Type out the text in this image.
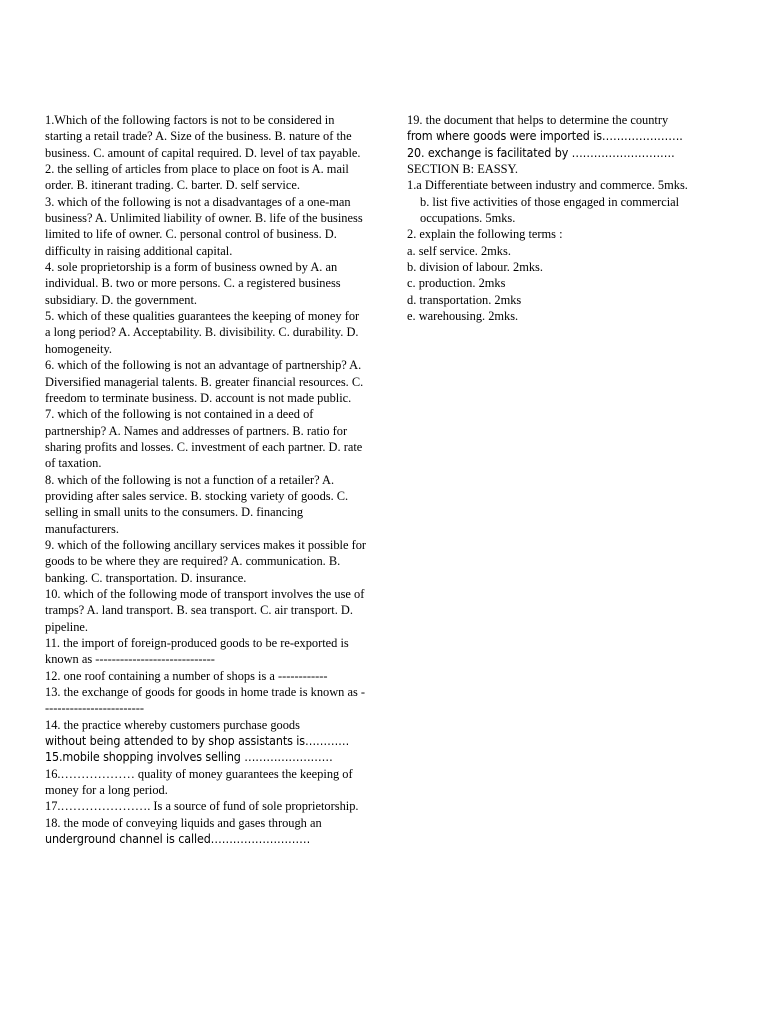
1.Which of the following factors is not to be considered in starting a retail trade? A. Size of the business. B. nature of the business. C. amount of capital required. D. level of tax payable.

2. the selling of articles from place to place on foot is A. mail order. B. itinerant trading. C. barter. D. self service.

3. which of the following is not a disadvantages of a one-man business? A. Unlimited liability of owner. B. life of the business limited to life of owner. C. personal control of business. D. difficulty in raising additional capital.

4. sole proprietorship is a form of business owned by A. an individual. B. two or more persons. C. a registered business subsidiary. D. the government.

5. which of these qualities guarantees the keeping of money for a long period? A. Acceptability. B. divisibility. C. durability. D. homogeneity.

6. which of the following is not an advantage of partnership? A. Diversified managerial talents. B. greater financial resources. C. freedom to terminate business. D. account is not made public.

7. which of the following is not contained in a deed of partnership? A. Names and addresses of partners. B. ratio for sharing profits and losses. C. investment of each partner. D. rate of taxation.

8. which of the following is not a function of a retailer? A. providing after sales service. B. stocking variety of goods. C. selling in small units to the consumers. D. financing manufacturers.

9. which of the following ancillary services makes it possible for goods to be where they are required? A. communication. B. banking. C. transportation. D. insurance.

10. which of the following mode of transport involves the use of tramps? A. land transport. B. sea transport. C. air transport. D. pipeline.

11. the import of foreign-produced goods to be re-exported is known as -----------------------------

12. one roof containing a number of shops is a ------------

13. the exchange of goods for goods in home trade is known as -------------------------

14. the practice whereby customers purchase goods

without being attended to by shop assistants is…………

15.mobile shopping involves selling ……………………

16.……………… quality of money guarantees the keeping of money for a long period.

17.…………………. Is a source of fund of sole proprietorship.

18. the mode of conveying liquids and gases through an

underground channel is called………………………

19. the document that helps to determine the country

from where goods were imported is………………….

20. exchange is facilitated by ……………………….

SECTION B: EASSY.

1.a Differentiate between industry and commerce. 5mks.

b. list five activities of those engaged in commercial occupations. 5mks.

2. explain the following terms :

a. self service. 2mks.

b. division of labour. 2mks.

c. production. 2mks

d. transportation. 2mks

e. warehousing. 2mks.
